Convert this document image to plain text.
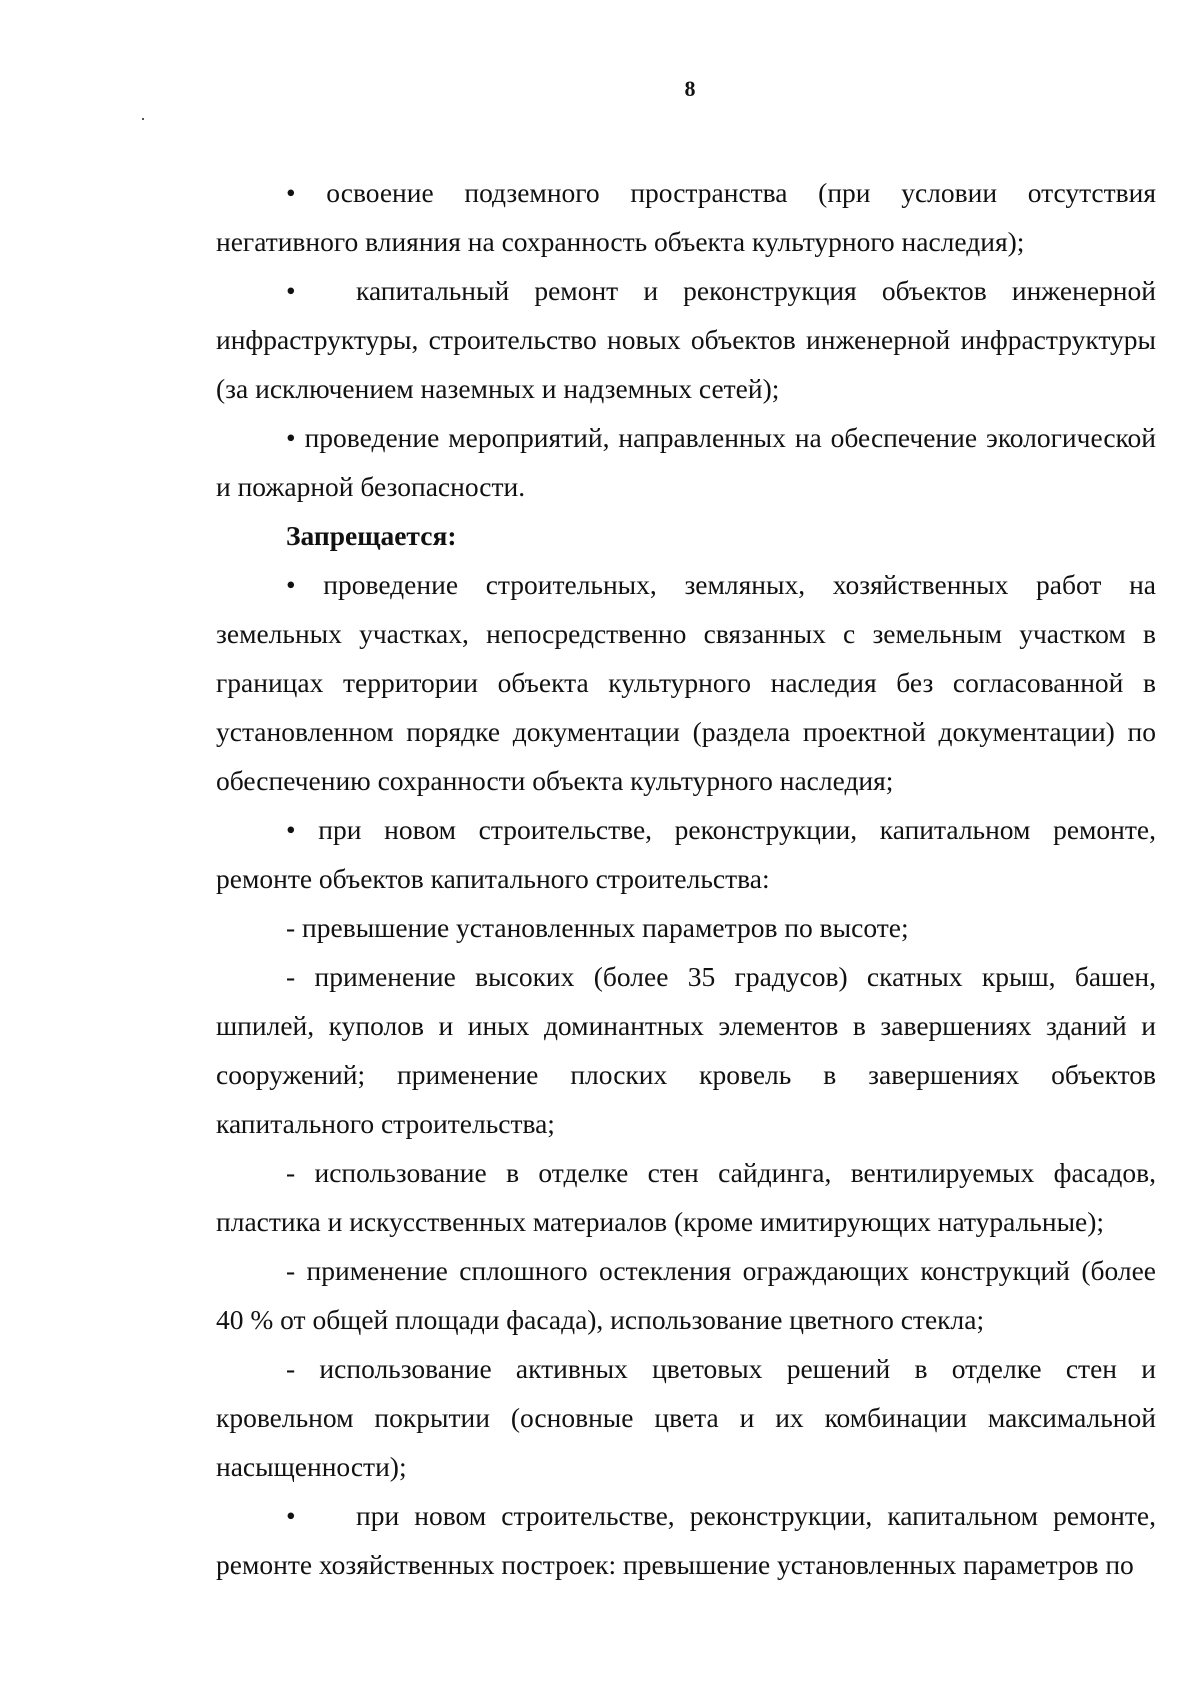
8

• освоение подземного пространства (при условии отсутствия негативного влияния на сохранность объекта культурного наследия);

• капитальный ремонт и реконструкция объектов инженерной инфраструктуры, строительство новых объектов инженерной инфраструктуры (за исключением наземных и надземных сетей);

• проведение мероприятий, направленных на обеспечение экологической и пожарной безопасности.

Запрещается:

• проведение строительных, земляных, хозяйственных работ на земельных участках, непосредственно связанных с земельным участком в границах территории объекта культурного наследия без согласованной в установленном порядке документации (раздела проектной документации) по обеспечению сохранности объекта культурного наследия;

• при новом строительстве, реконструкции, капитальном ремонте, ремонте объектов капитального строительства:

- превышение установленных параметров по высоте;

- применение высоких (более 35 градусов) скатных крыш, башен, шпилей, куполов и иных доминантных элементов в завершениях зданий и сооружений; применение плоских кровель в завершениях объектов капитального строительства;

- использование в отделке стен сайдинга, вентилируемых фасадов, пластика и искусственных материалов (кроме имитирующих натуральные);

- применение сплошного остекления ограждающих конструкций (более 40 % от общей площади фасада), использование цветного стекла;

- использование активных цветовых решений в отделке стен и кровельном покрытии (основные цвета и их комбинации максимальной насыщенности);

• при новом строительстве, реконструкции, капитальном ремонте, ремонте хозяйственных построек: превышение установленных параметров по
